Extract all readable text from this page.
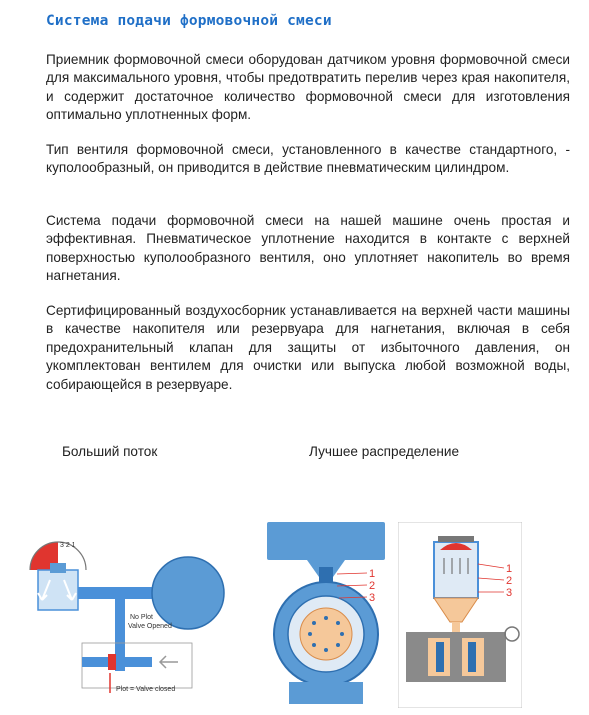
Система подачи формовочной смеси

Приемник формовочной смеси оборудован датчиком уровня формовочной смеси для максимального уровня, чтобы предотвратить перелив через края накопителя, и содержит достаточное количество формовочной смеси для изготовления оптимально уплотненных форм.

Тип вентиля формовочной смеси, установленного в качестве стандартного, - куполообразный, он приводится в действие пневматическим цилиндром.

Система подачи формовочной смеси на нашей машине очень простая и эффективная. Пневматическое уплотнение находится в контакте с верхней поверхностью куполообразного вентиля, оно уплотняет накопитель во время нагнетания.

Сертифицированный воздухосборник устанавливается на верхней части машины в качестве накопителя или резервуара для нагнетания, включая в себя предохранительный клапан для защиты от избыточного давления, он укомплектован вентилем для очистки или выпуска любой возможной воды, собирающейся в резервуаре.

Больший поток	Лучшее распределение
3 2 1
No Plot
Valve Opened
Plot = Valve closed
1
2
3
1
2
3
